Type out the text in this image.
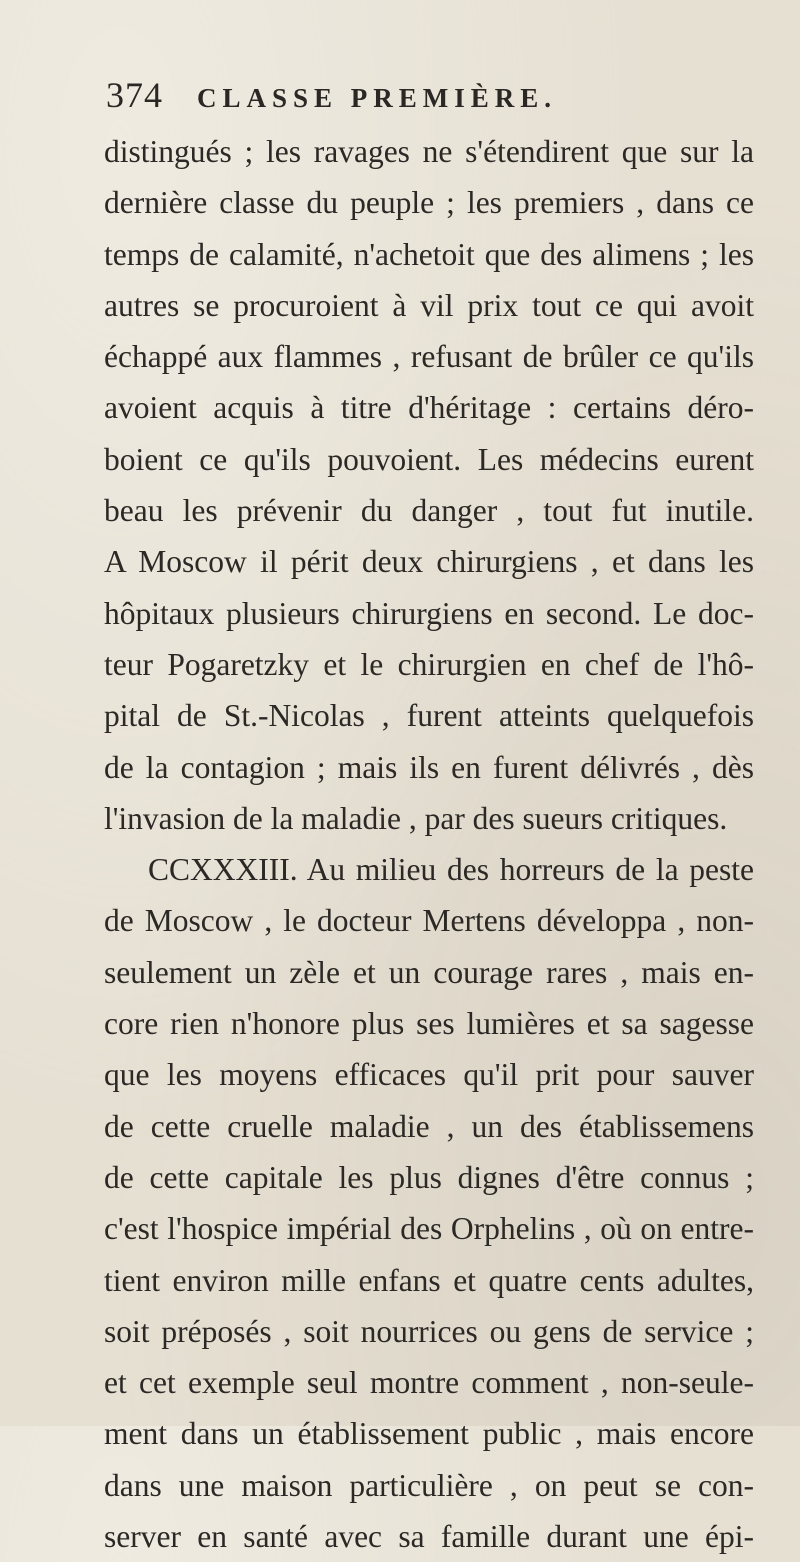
374 CLASSE PREMIÈRE.
distingués ; les ravages ne s'étendirent que sur la
dernière classe du peuple ; les premiers , dans ce
temps de calamité, n'achetoit que des alimens ; les
autres se procuroient à vil prix tout ce qui avoit
échappé aux flammes , refusant de brûler ce qu'ils
avoient acquis à titre d'héritage : certains déro-
boient ce qu'ils pouvoient. Les médecins eurent
beau les prévenir du danger , tout fut inutile.
A Moscow il périt deux chirurgiens , et dans les
hôpitaux plusieurs chirurgiens en second. Le doc-
teur Pogaretzky et le chirurgien en chef de l'hô-
pital de St.-Nicolas , furent atteints quelquefois
de la contagion ; mais ils en furent délivrés , dès
l'invasion de la maladie , par des sueurs critiques.
CCXXXIII. Au milieu des horreurs de la peste
de Moscow , le docteur Mertens développa , non-
seulement un zèle et un courage rares , mais en-
core rien n'honore plus ses lumières et sa sagesse
que les moyens efficaces qu'il prit pour sauver
de cette cruelle maladie , un des établissemens
de cette capitale les plus dignes d'être connus ;
c'est l'hospice impérial des Orphelins , où on entre-
tient environ mille enfans et quatre cents adultes,
soit préposés , soit nourrices ou gens de service ;
et cet exemple seul montre comment , non-seule-
ment dans un établissement public , mais encore
dans une maison particulière , on peut se con-
server en santé avec sa famille durant une épi-
